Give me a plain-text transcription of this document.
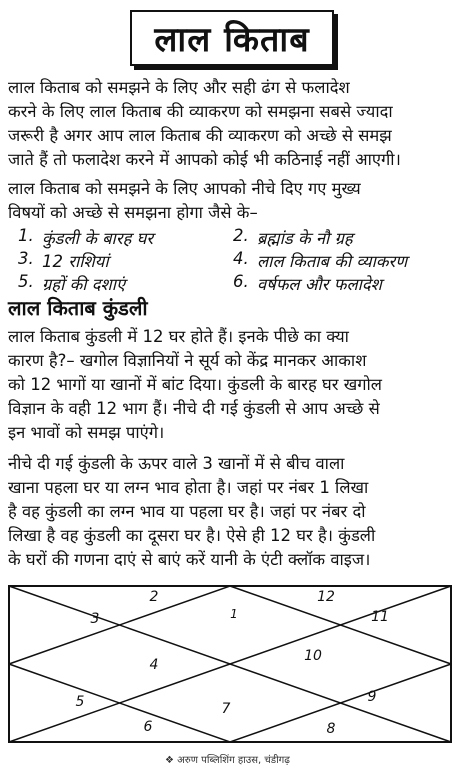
लाल किताब
लाल किताब को समझने के लिए और सही ढंग से फलादेश
करने के लिए लाल किताब की व्याकरण को समझना सबसे ज्यादा
जरूरी है अगर आप लाल किताब की व्याकरण को अच्छे से समझ
जाते हैं तो फलादेश करने में आपको कोई भी कठिनाई नहीं आएगी।
लाल किताब को समझने के लिए आपको नीचे दिए गए मुख्य
विषयों को अच्छे से समझना होगा जैसे के–
1. कुंडली के बारह घर	2. ब्रह्मांड के नौ ग्रह
3. 12 राशियां	4. लाल किताब की व्याकरण
5. ग्रहों की दशाएं	6. वर्षफल और फलादेश
लाल किताब कुंडली
लाल किताब कुंडली में 12 घर होते हैं। इनके पीछे का क्या
कारण है?– खगोल विज्ञानियों ने सूर्य को केंद्र मानकर आकाश
को 12 भागों या खानों में बांट दिया। कुंडली के बारह घर खगोल
विज्ञान के वही 12 भाग हैं। नीचे दी गई कुंडली से आप अच्छे से
इन भावों को समझ पाएंगे।
नीचे दी गई कुंडली के ऊपर वाले 3 खानों में से बीच वाला
खाना पहला घर या लग्न भाव होता है। जहां पर नंबर 1 लिखा
है वह कुंडली का लग्न भाव या पहला घर है। जहां पर नंबर दो
लिखा है वह कुंडली का दूसरा घर है। ऐसे ही 12 घर है। कुंडली
के घरों की गणना दाएं से बाएं करें यानी के एंटी क्लॉक वाइज।
1
2
3
4
5
6
7
8
9
10
11
12
❖ अरुण पब्लिशिंग हाउस, चंडीगढ़
